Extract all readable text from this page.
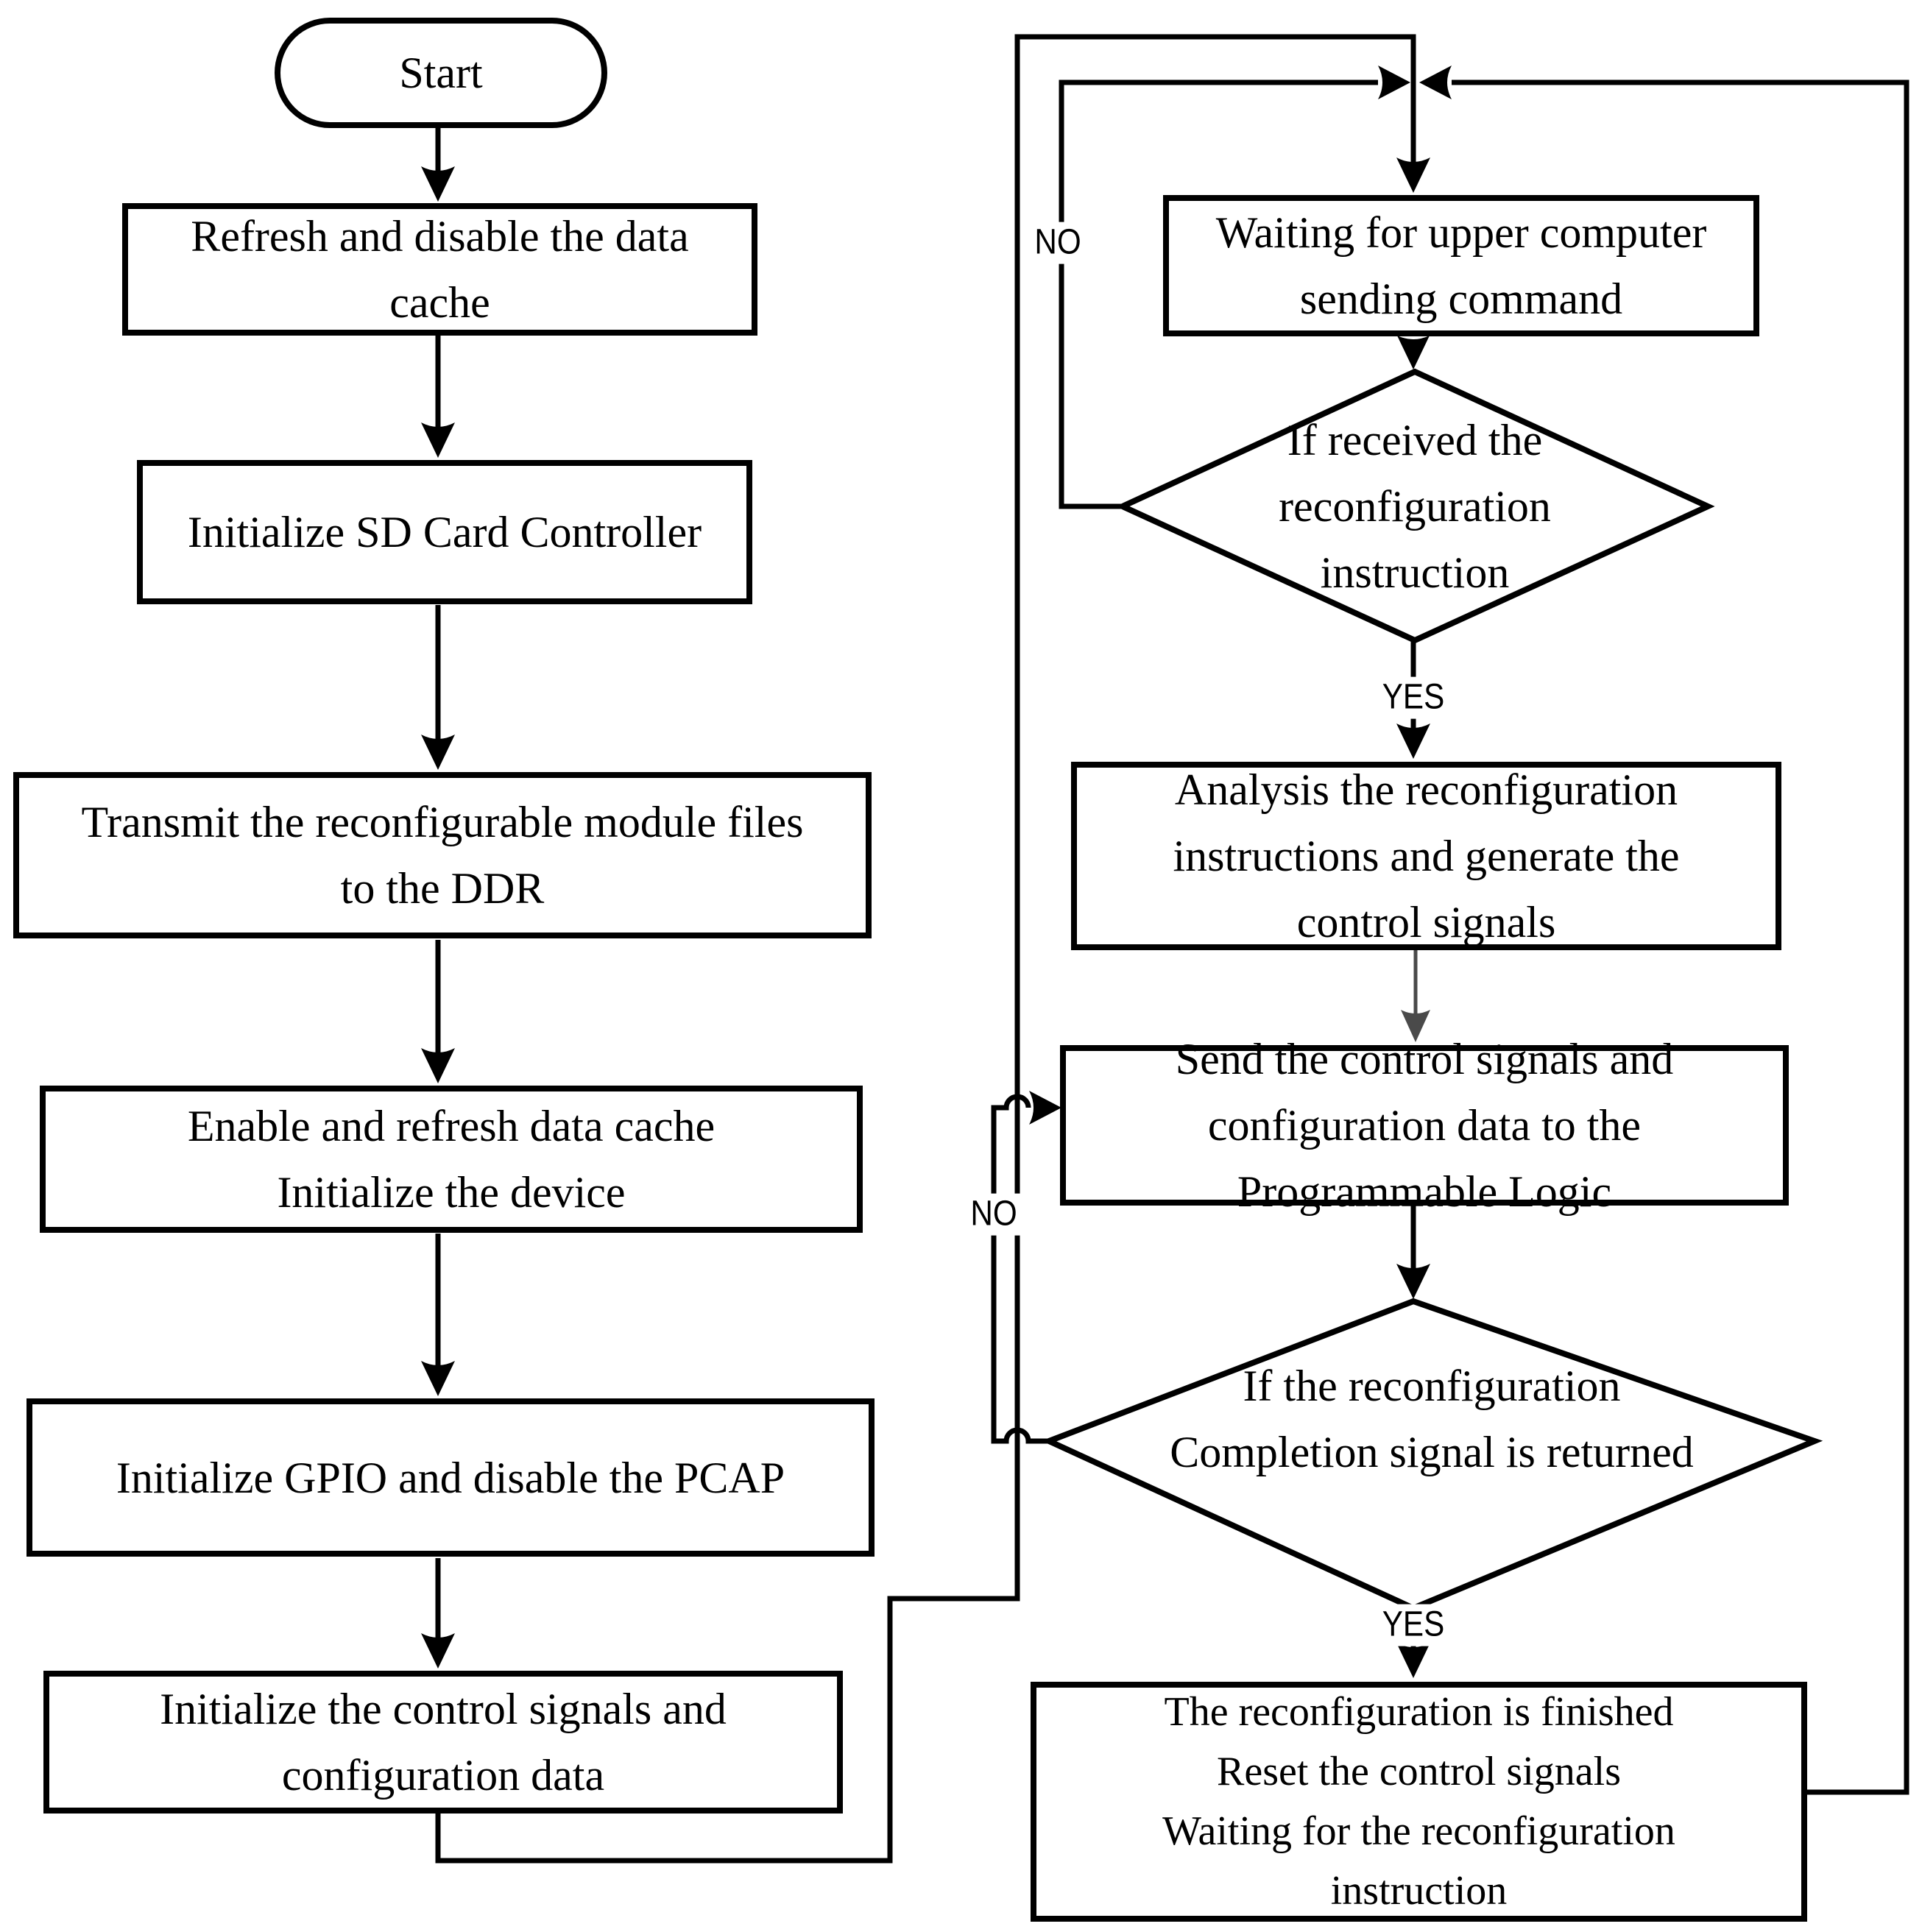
Start
Refresh and disable the data
cache
Initialize SD Card Controller
Transmit the reconfigurable module files
to the DDR
Enable and refresh data cache
Initialize the device
Initialize GPIO and disable the PCAP
Initialize the control signals and
configuration data
Waiting for upper computer
sending command
If received the
reconfiguration
instruction
Analysis the reconfiguration
instructions and generate the
control signals
Send the control signals and
configuration data to the
Programmable Logic
If the reconfiguration
Completion signal is returned
The reconfiguration is finished
Reset the control signals
Waiting for the reconfiguration
instruction
NO
YES
NO
YES
